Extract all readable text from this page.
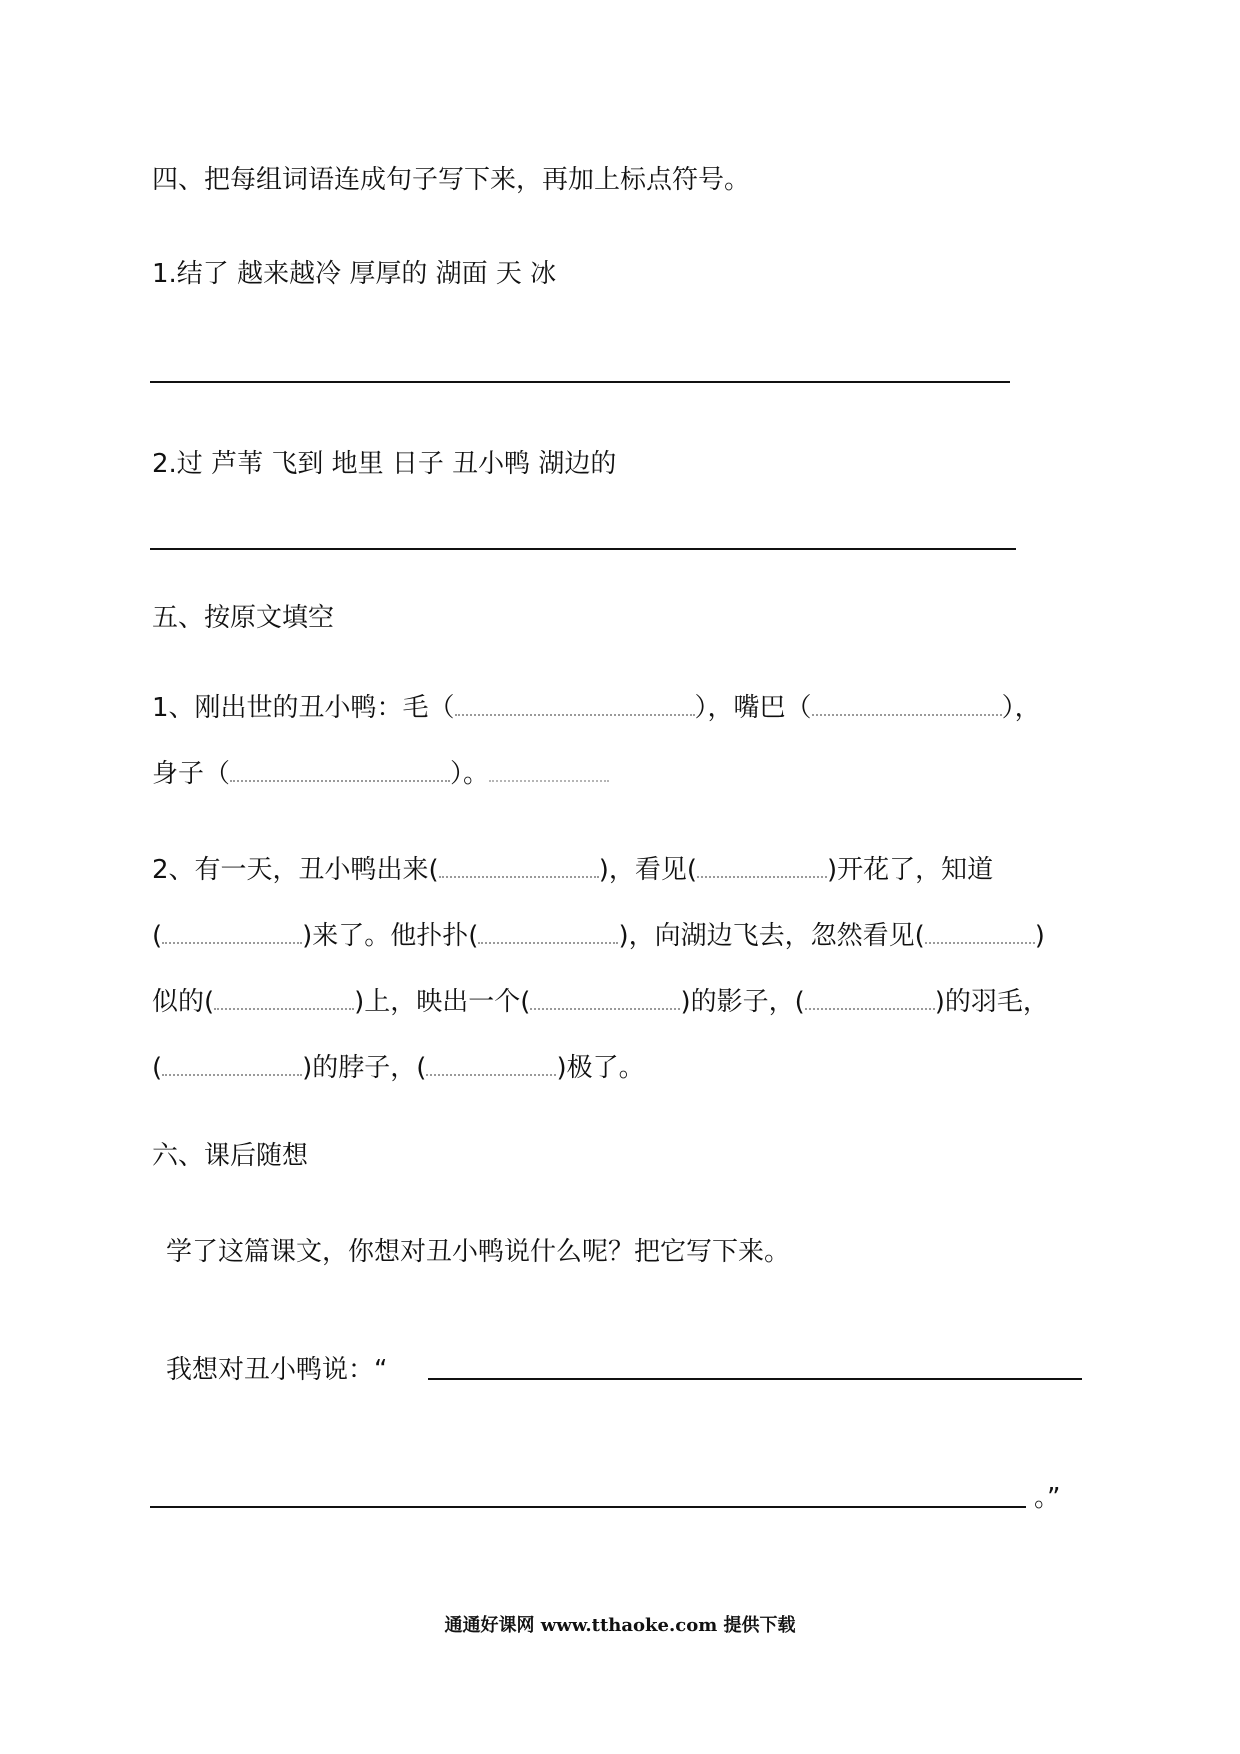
四、把每组词语连成句子写下来，再加上标点符号。
1.结了 越来越冷 厚厚的 湖面 天 冰
2.过 芦苇 飞到 地里 日子 丑小鸭 湖边的
五、按原文填空
1、刚出世的丑小鸭：毛（	），嘴巴（	），
身子（	）。
2、有一天，丑小鸭出来(	)，看见(	)开花了，知道
(	)来了。他扑扑(	)，向湖边飞去，忽然看见(	)
似的(	)上，映出一个(	)的影子，(	)的羽毛，
(	)的脖子，(	)极了。
六、课后随想
学了这篇课文，你想对丑小鸭说什么呢？把它写下来。
我想对丑小鸭说：“
。”
通通好课网 www.tthaoke.com 提供下载
